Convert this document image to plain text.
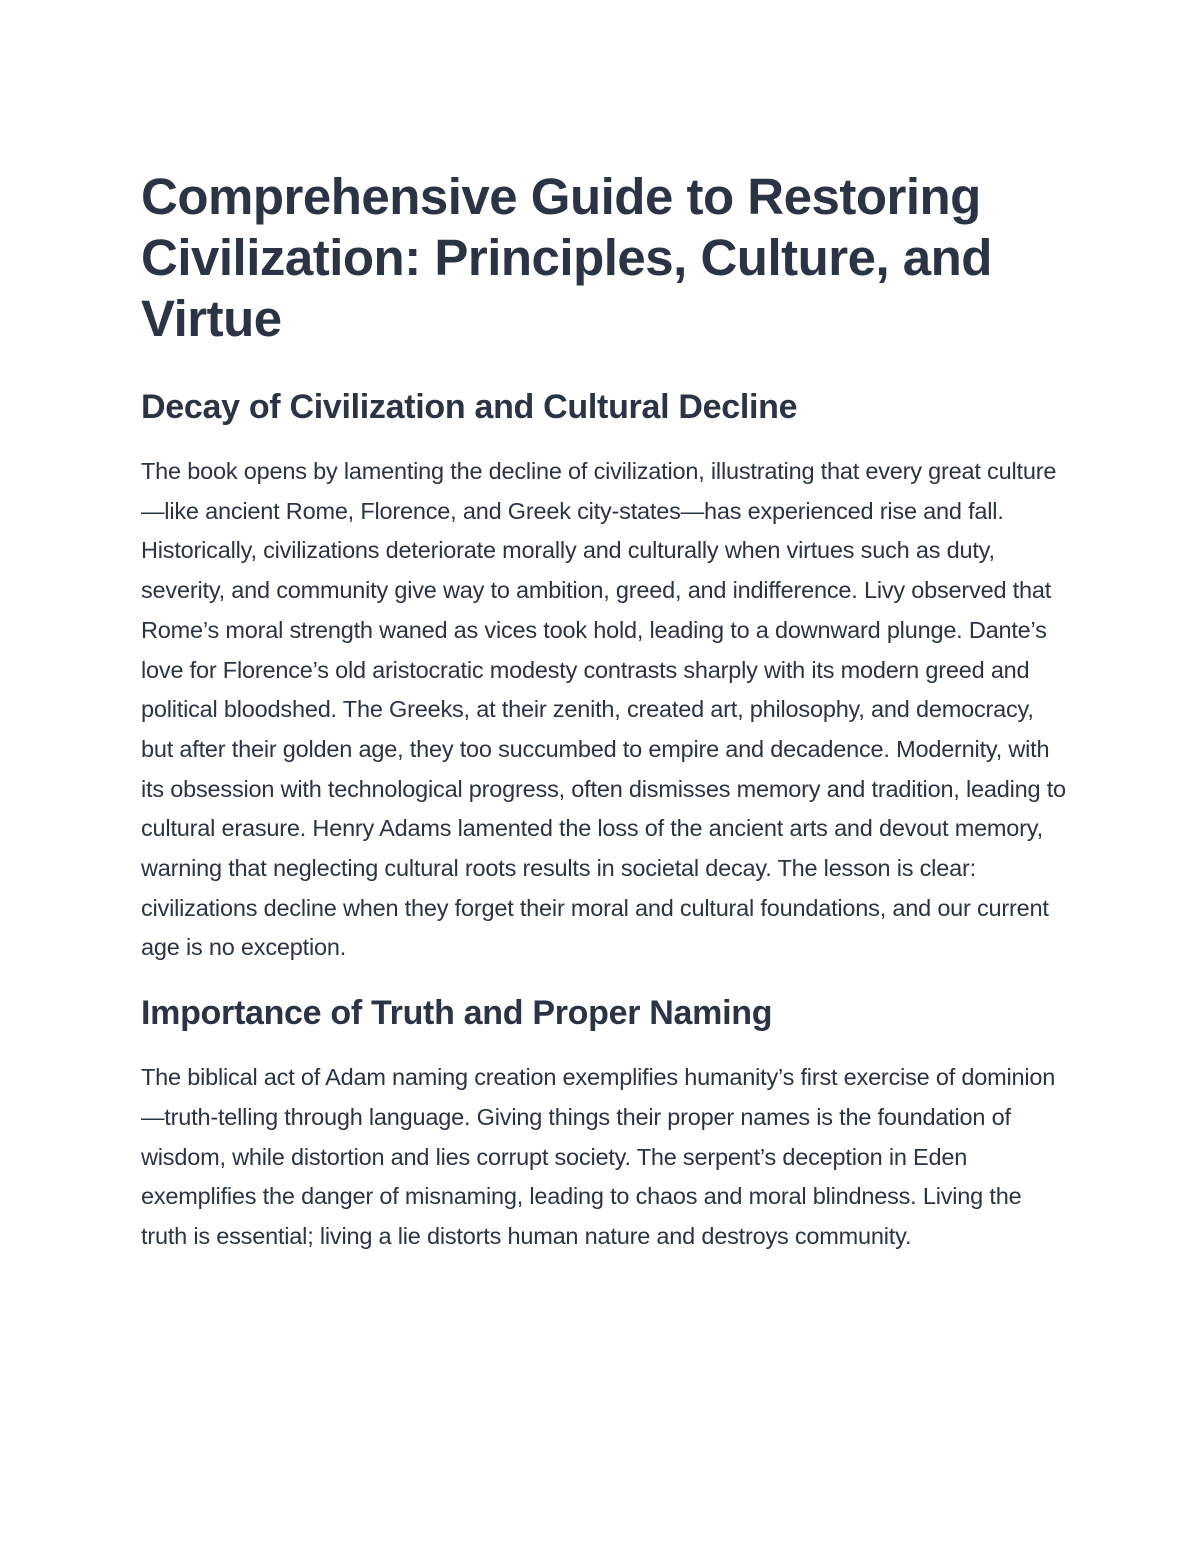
Comprehensive Guide to Restoring Civilization: Principles, Culture, and Virtue
Decay of Civilization and Cultural Decline

The book opens by lamenting the decline of civilization, illustrating that every great culture—like ancient Rome, Florence, and Greek city-states—has experienced rise and fall. Historically, civilizations deteriorate morally and culturally when virtues such as duty, severity, and community give way to ambition, greed, and indifference. Livy observed that Rome’s moral strength waned as vices took hold, leading to a downward plunge. Dante’s love for Florence’s old aristocratic modesty contrasts sharply with its modern greed and political bloodshed. The Greeks, at their zenith, created art, philosophy, and democracy, but after their golden age, they too succumbed to empire and decadence. Modernity, with its obsession with technological progress, often dismisses memory and tradition, leading to cultural erasure. Henry Adams lamented the loss of the ancient arts and devout memory, warning that neglecting cultural roots results in societal decay. The lesson is clear: civilizations decline when they forget their moral and cultural foundations, and our current age is no exception.

Importance of Truth and Proper Naming

The biblical act of Adam naming creation exemplifies humanity’s first exercise of dominion—truth-telling through language. Giving things their proper names is the foundation of wisdom, while distortion and lies corrupt society. The serpent’s deception in Eden exemplifies the danger of misnaming, leading to chaos and moral blindness. Living the truth is essential; living a lie distorts human nature and destroys community.
